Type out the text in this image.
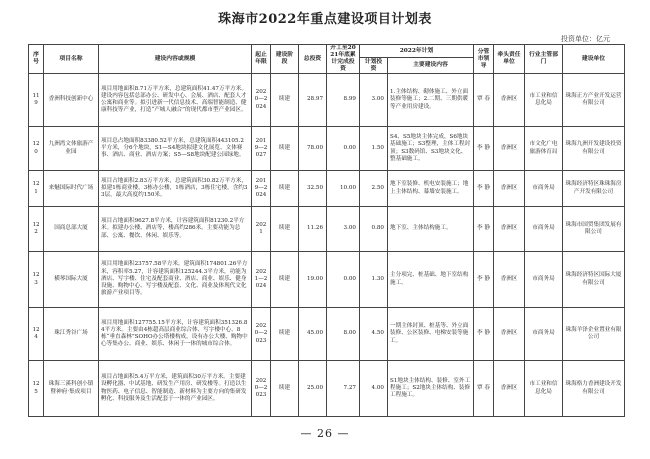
珠海市2022年重点建设项目计划表
投资单位：亿元
序号	项目名称	建设内容或规模	起止年限	建设阶段	总投资	开工至2021年底累计完成投资	2022年计划		分管市领导	牵头责任单位	行业主管部门	建设单位
							计划投资	主要建设内容				
119	香洲科技创新中心	项目用地面积8.71万平方米，总建筑面积41.47万平方米。建设内容包括总部办公、研发中心、会展、酒店、配套人才公寓和商业等。拟引进新一代信息技术、高端智能制造、健康科技等产业，打造“产城人融合”的现代都市型产业园区。	2020—2024	续建	28.97	8.99	3.00	1.主体结构、砌体施工、外立面装修等施工；2.二期、三期供暖等产业用房建设。	覃 春	香洲区	市工业和信息化局	珠海正方产业开发运营有限公司
120	九洲湾文体旅游产业园	项目总占地面积83380.52平方米，总建筑面积443105.2平方米，分6个地块，S1—S4地块拟建文化展览、文体赛事、酒店、商业、酒店方案；S5—S8地块配建公园绿地。	2019—2027	续建	78.00	0.00	1.50	S4、S5地块主体完成，S6地块基础施工；S3整理，主体工程封顶；S3数码馆、S3地块文化、整基础施工。	李 静	香洲区	市文化广电旅游体育局	珠海九洲开发建设投资有限公司
121	来魅国际时代广场	项目占地面积2.83万平方米，总建筑面积30.82万平方米，拟建1栋商业楼，3栋办公楼，1栋酒店，3栋住宅楼，含约33层，最大高度约150米。	2019—2024	续建	32.50	10.00	2.50	地下室装修、机电安装施工；地上主体结构、幕墙安装施工。	李 静	香洲区	市商务局	珠海经济特区珠珠海房产开发有限公司
122	国商总部大厦	项目占地面积9627.8平方米，计容建筑面积81230.2平方米。拟建办公楼、酒店等，楼高约286米，主要功能为总部、公寓、餐饮、休闲、娱乐等。	2021	续建	11.26	3.00	0.80	地下室、主体结构施工。	李 静	香洲区	市商务局	珠海市国贸集团发展有限公司
123	横琴国际大厦	项目用地面积23757.58平方米，建筑面积174801.26平方米，容积率5.27，计容建筑面积125244.3平方米，功能为酒店、写字楼、住宅及配套商业、酒店、商业、娱乐、健身设施、购物中心、写字楼及配套、文化、商业及体现代文化旅游产业项目等。	2021—2024	续建	19.00	0.00	1.30	主分项完、桩基础、地下室结构施工。	李 静	香洲区	市商务局	珠海经济特区国际大厦有限公司
124	珠江秀谷广场	项目用地面积127755.15平方米，计容建筑面积351326.84平方米。主要由4栋超高层商业综合体、写字楼中心、8栋“垂直森林”SOHO办公塔楼构成，设有办公大楼、购物中心等集办公、商业、娱乐、休闲于一体的城市综合体。	2020—2023	续建	45.00	8.00	4.50	一期主体封顶、桩基等、外立面装修、公区装修、电梯安装等施工。	李 静	香洲区	市商务局	珠海羊泽企业置业有限公司
125	珠海三溪科创小镇暨神府·集成项目	项目占地面积5.4万平方米，建筑面积30万平方米。主要建设孵化器、中试基地、研发生产用房、研发楼等。打造以生物医药、电子信息、智能制造、新材料为主要方向的集研发孵化、科技服务及生活配套于一体的产业园区。	2020—2023	续建	25.00	7.27	4.00	S1地块主体结构、装修、室外工程施工；S2地块主体结构、装修工程施工。	覃 春	香洲区	市工业和信息化局	珠海格力香洲建设开发有限公司
— 26 —
